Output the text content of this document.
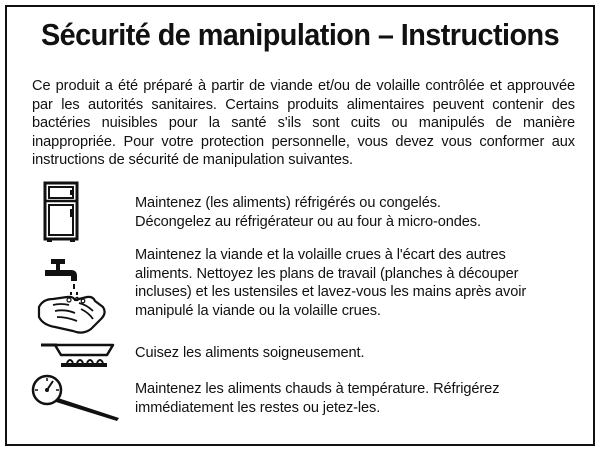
Sécurité de manipulation – Instructions
Ce produit a été préparé à partir de viande et/ou de volaille contrôlée et approuvée par les autorités sanitaires. Certains produits alimentaires peuvent contenir des bactéries nuisibles pour la santé s'ils sont cuits ou manipulés de manière inappropriée. Pour votre protection personnelle, vous devez vous conformer aux instructions de sécurité de manipulation suivantes.
Maintenez (les aliments) réfrigérés ou congelés.
Décongelez au réfrigérateur ou au four à micro-ondes.
Maintenez la viande et la volaille crues à l'écart des autres
aliments. Nettoyez les plans de travail (planches à découper
incluses) et les ustensiles et lavez-vous les mains après avoir
manipulé la viande ou la volaille crues.
Cuisez les aliments soigneusement.
Maintenez les aliments chauds à température. Réfrigérez
immédiatement les restes ou jetez-les.
